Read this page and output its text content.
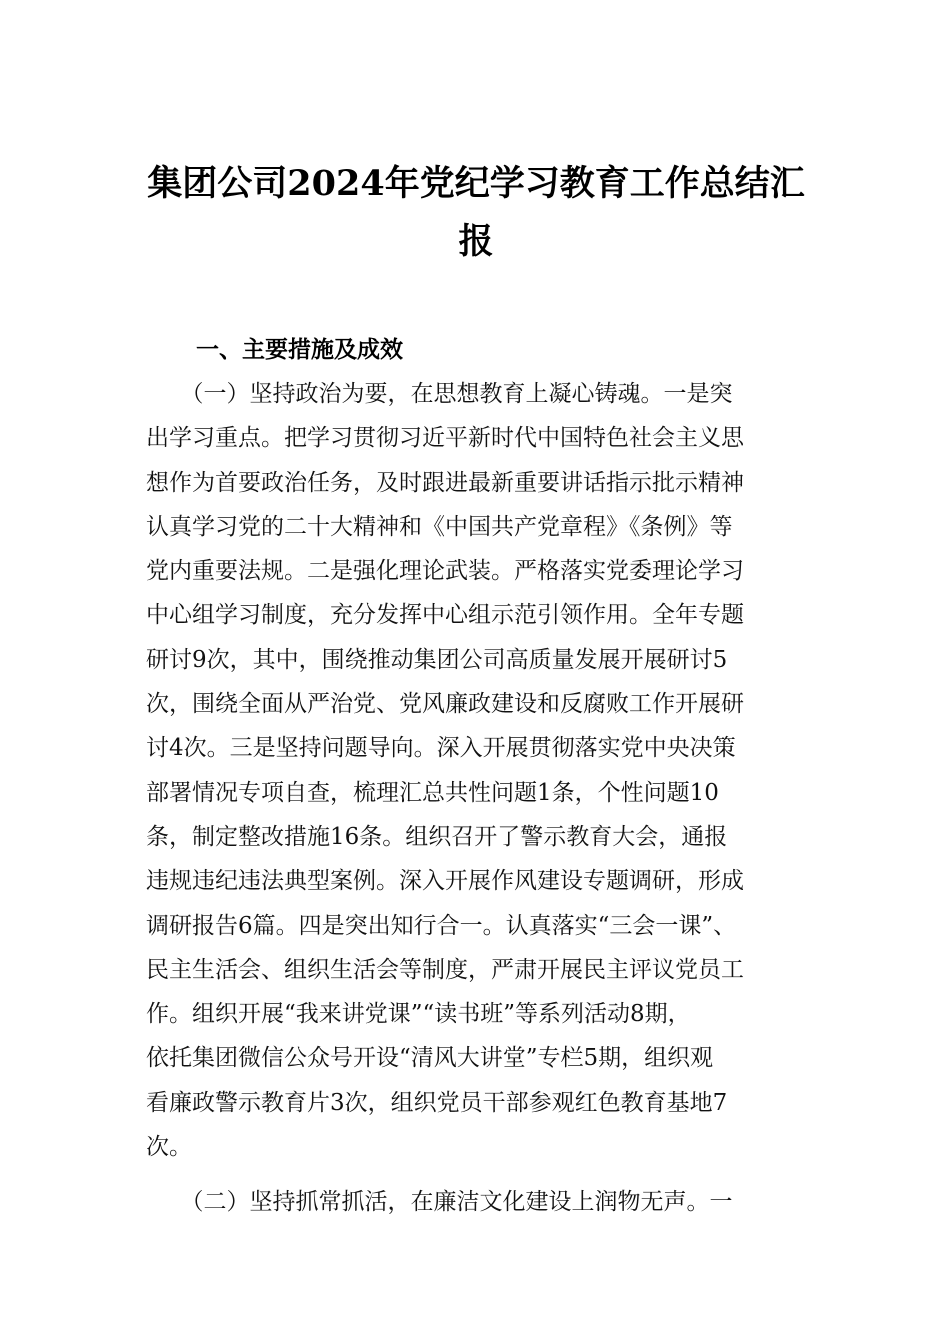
集团公司2024年党纪学习教育工作总结汇
报
一、主要措施及成效
　　（一）坚持政治为要，在思想教育上凝心铸魂。一是突
出学习重点。把学习贯彻习近平新时代中国特色社会主义思
想作为首要政治任务，及时跟进最新重要讲话指示批示精神
认真学习党的二十大精神和《中国共产党章程》《条例》等
党内重要法规。二是强化理论武装。严格落实党委理论学习
中心组学习制度，充分发挥中心组示范引领作用。全年专题
研讨9次，其中，围绕推动集团公司高质量发展开展研讨5
次，围绕全面从严治党、党风廉政建设和反腐败工作开展研
讨4次。三是坚持问题导向。深入开展贯彻落实党中央决策
部署情况专项自查，梳理汇总共性问题1条，个性问题10
条，制定整改措施16条。组织召开了警示教育大会，通报
违规违纪违法典型案例。深入开展作风建设专题调研，形成
调研报告6篇。四是突出知行合一。认真落实“三会一课”、
民主生活会、组织生活会等制度，严肃开展民主评议党员工
作。组织开展“我来讲党课”“读书班”等系列活动8期，
依托集团微信公众号开设“清风大讲堂”专栏5期，组织观
看廉政警示教育片3次，组织党员干部参观红色教育基地7
次。
　　（二）坚持抓常抓活，在廉洁文化建设上润物无声。一
